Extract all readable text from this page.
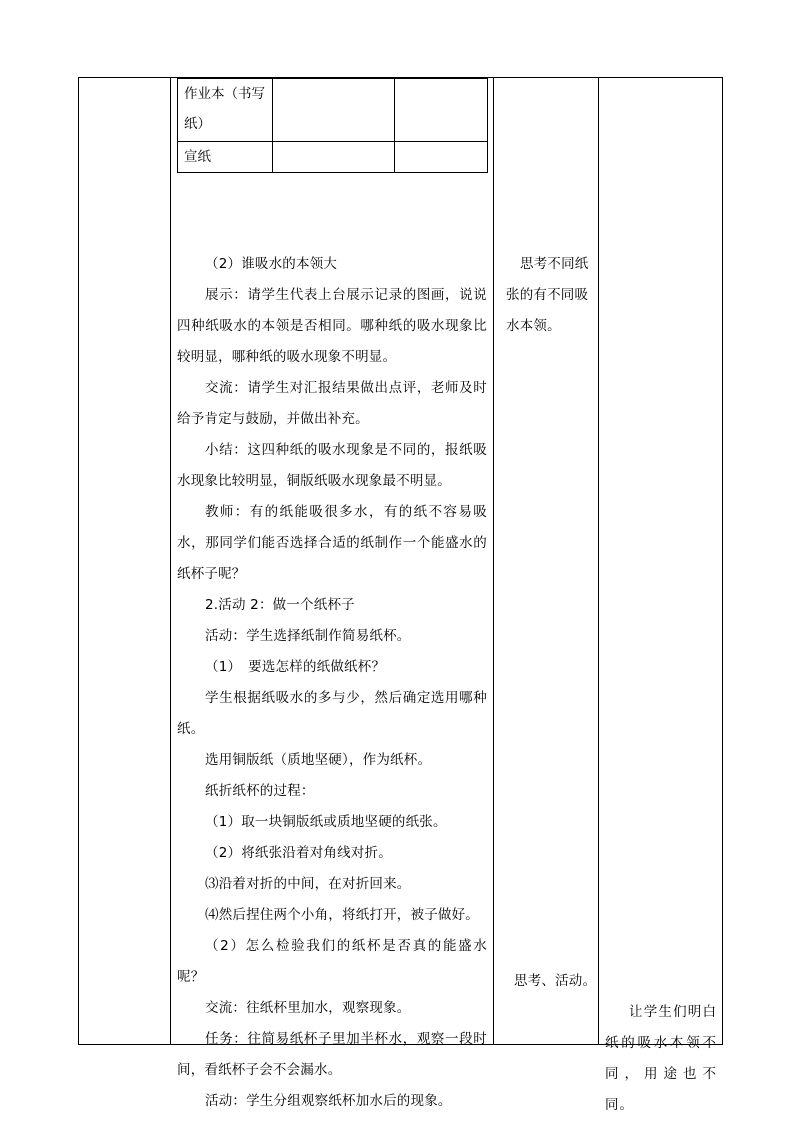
作业本（书写纸）		
宣纸		

（2）谁吸水的本领大

展示：请学生代表上台展示记录的图画，说说四种纸吸水的本领是否相同。哪种纸的吸水现象比较明显，哪种纸的吸水现象不明显。

交流：请学生对汇报结果做出点评，老师及时给予肯定与鼓励，并做出补充。

小结：这四种纸的吸水现象是不同的，报纸吸水现象比较明显，铜版纸吸水现象最不明显。

教师：有的纸能吸很多水，有的纸不容易吸水，那同学们能否选择合适的纸制作一个能盛水的纸杯子呢？

2.活动 2：做一个纸杯子

活动：学生选择纸制作简易纸杯。

（1）　要选怎样的纸做纸杯？

学生根据纸吸水的多与少，然后确定选用哪种纸。

选用铜版纸（质地坚硬），作为纸杯。

纸折纸杯的过程：

（1）取一块铜版纸或质地坚硬的纸张。

（2）将纸张沿着对角线对折。

⑶沿着对折的中间，在对折回来。

⑷然后捏住两个小角，将纸打开，被子做好。

（2）怎么检验我们的纸杯是否真的能盛水呢？

交流：往纸杯里加水，观察现象。

任务：往简易纸杯子里加半杯水，观察一段时间，看纸杯子会不会漏水。

活动：学生分组观察纸杯加水后的现象。

思考不同纸张的有不同吸水本领。
思考、活动。

让学生们明白纸的吸水本领不同，用途也不同。
